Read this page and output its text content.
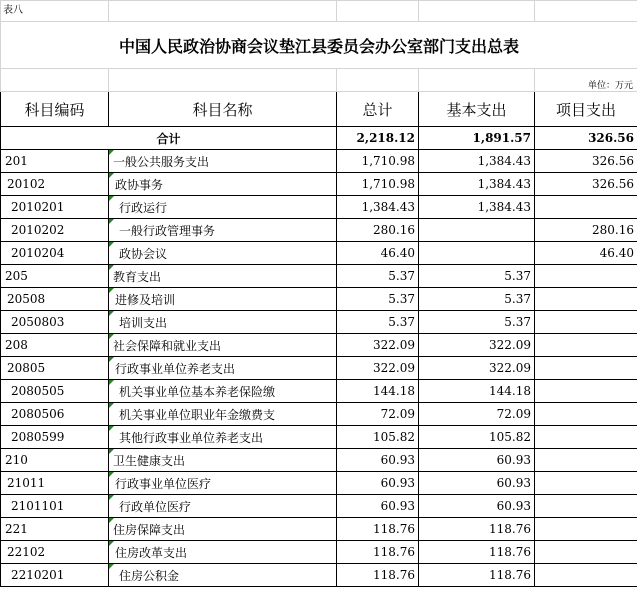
表八				
中国人民政治协商会议垫江县委员会办公室部门支出总表				
				单位：万元
科目编码	科目名称	总计	基本支出	项目支出
合计		2,218.12	1,891.57	326.56
201	一般公共服务支出	1,710.98	1,384.43	326.56
20102	政协事务	1,710.98	1,384.43	326.56
2010201	行政运行	1,384.43	1,384.43	
2010202	一般行政管理事务	280.16		280.16
2010204	政协会议	46.40		46.40
205	教育支出	5.37	5.37	
20508	进修及培训	5.37	5.37	
2050803	培训支出	5.37	5.37	
208	社会保障和就业支出	322.09	322.09	
20805	行政事业单位养老支出	322.09	322.09	
2080505	机关事业单位基本养老保险缴	144.18	144.18	
2080506	机关事业单位职业年金缴费支	72.09	72.09	
2080599	其他行政事业单位养老支出	105.82	105.82	
210	卫生健康支出	60.93	60.93	
21011	行政事业单位医疗	60.93	60.93	
2101101	行政单位医疗	60.93	60.93	
221	住房保障支出	118.76	118.76	
22102	住房改革支出	118.76	118.76	
2210201	住房公积金	118.76	118.76	
